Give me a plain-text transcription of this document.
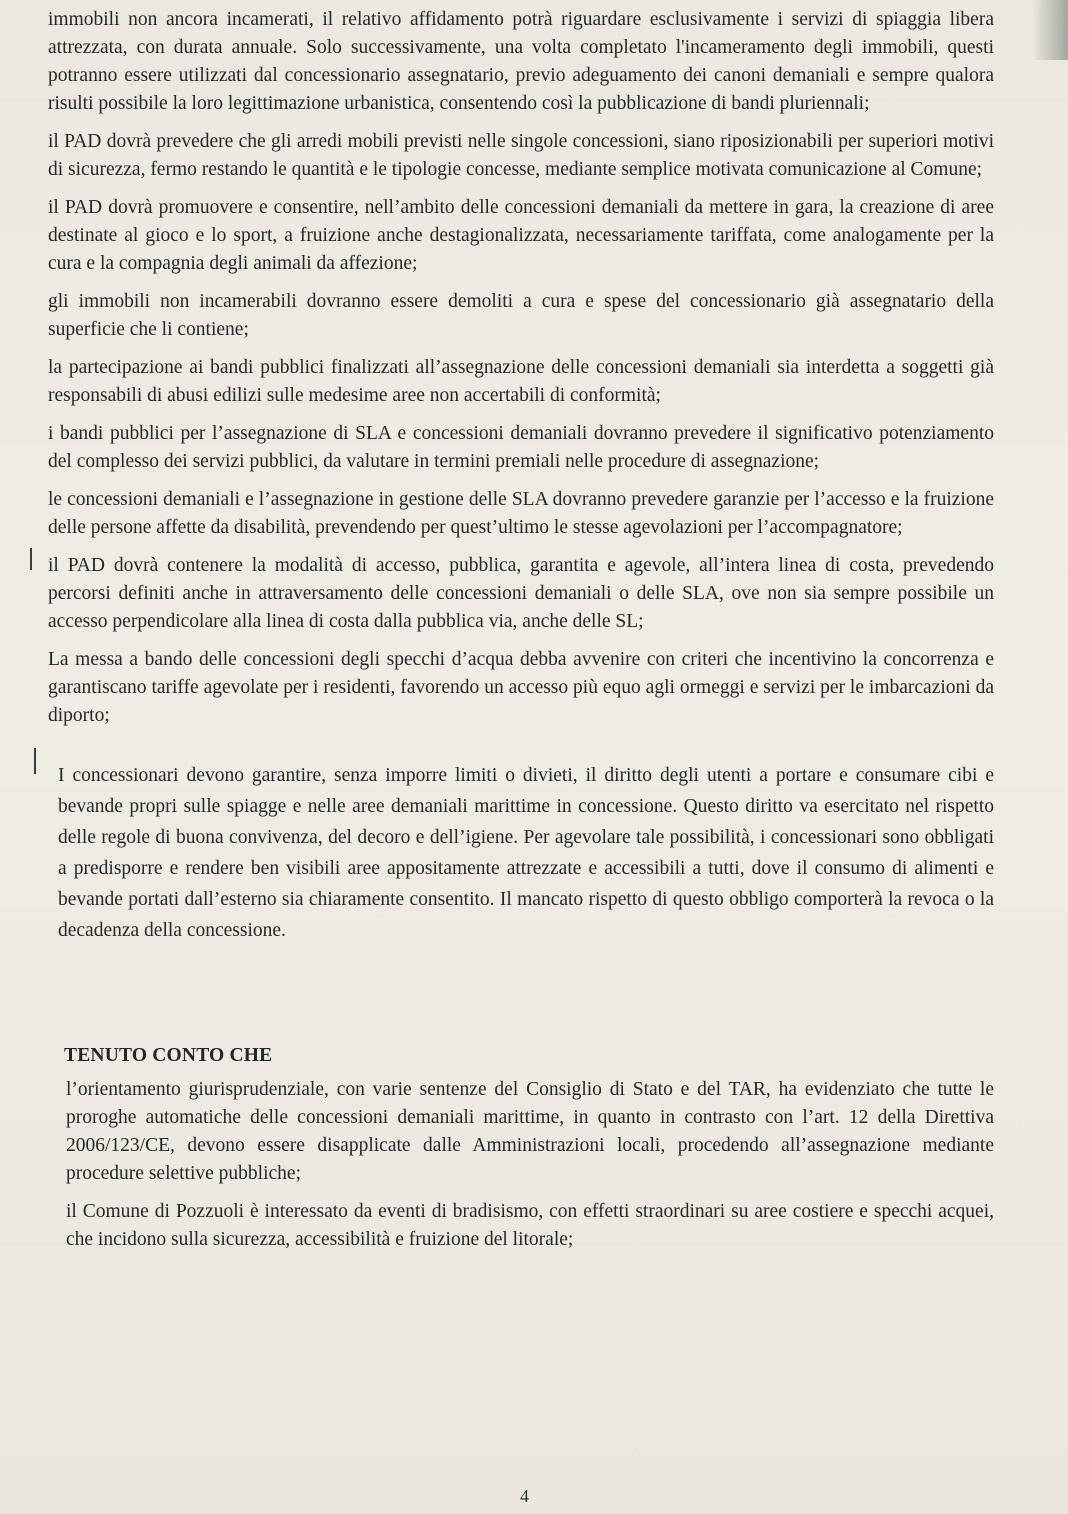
immobili non ancora incamerati, il relativo affidamento potrà riguardare esclusivamente i servizi di spiaggia libera attrezzata, con durata annuale. Solo successivamente, una volta completato l'incameramento degli immobili, questi potranno essere utilizzati dal concessionario assegnatario, previo adeguamento dei canoni demaniali e sempre qualora risulti possibile la loro legittimazione urbanistica, consentendo così la pubblicazione di bandi pluriennali;

il PAD dovrà prevedere che gli arredi mobili previsti nelle singole concessioni, siano riposizionabili per superiori motivi di sicurezza, fermo restando le quantità e le tipologie concesse, mediante semplice motivata comunicazione al Comune;

il PAD dovrà promuovere e consentire, nell’ambito delle concessioni demaniali da mettere in gara, la creazione di aree destinate al gioco e lo sport, a fruizione anche destagionalizzata, necessariamente tariffata, come analogamente per la cura e la compagnia degli animali da affezione;

gli immobili non incamerabili dovranno essere demoliti a cura e spese del concessionario già assegnatario della superficie che li contiene;

la partecipazione ai bandi pubblici finalizzati all’assegnazione delle concessioni demaniali sia interdetta a soggetti già responsabili di abusi edilizi sulle medesime aree non accertabili di conformità;

i bandi pubblici per l’assegnazione di SLA e concessioni demaniali dovranno prevedere il significativo potenziamento del complesso dei servizi pubblici, da valutare in termini premiali nelle procedure di assegnazione;

le concessioni demaniali e l’assegnazione in gestione delle SLA dovranno prevedere garanzie per l’accesso e la fruizione delle persone affette da disabilità, prevendendo per quest’ultimo le stesse agevolazioni per l’accompagnatore;

il PAD dovrà contenere la modalità di accesso, pubblica, garantita e agevole, all’intera linea di costa, prevedendo percorsi definiti anche in attraversamento delle concessioni demaniali o delle SLA, ove non sia sempre possibile un accesso perpendicolare alla linea di costa dalla pubblica via, anche delle SL;

La messa a bando delle concessioni degli specchi d’acqua debba avvenire con criteri che incentivino la concorrenza e garantiscano tariffe agevolate per i residenti, favorendo un accesso più equo agli ormeggi e servizi per le imbarcazioni da diporto;

I concessionari devono garantire, senza imporre limiti o divieti, il diritto degli utenti a portare e consumare cibi e bevande propri sulle spiagge e nelle aree demaniali marittime in concessione. Questo diritto va esercitato nel rispetto delle regole di buona convivenza, del decoro e dell’igiene. Per agevolare tale possibilità, i concessionari sono obbligati a predisporre e rendere ben visibili aree appositamente attrezzate e accessibili a tutti, dove il consumo di alimenti e bevande portati dall’esterno sia chiaramente consentito. Il mancato rispetto di questo obbligo comporterà la revoca o la decadenza della concessione.

TENUTO CONTO CHE

l’orientamento giurisprudenziale, con varie sentenze del Consiglio di Stato e del TAR, ha evidenziato che tutte le proroghe automatiche delle concessioni demaniali marittime, in quanto in contrasto con l’art. 12 della Direttiva 2006/123/CE, devono essere disapplicate dalle Amministrazioni locali, procedendo all’assegnazione mediante procedure selettive pubbliche;

il Comune di Pozzuoli è interessato da eventi di bradisismo, con effetti straordinari su aree costiere e specchi acquei, che incidono sulla sicurezza, accessibilità e fruizione del litorale;

4
